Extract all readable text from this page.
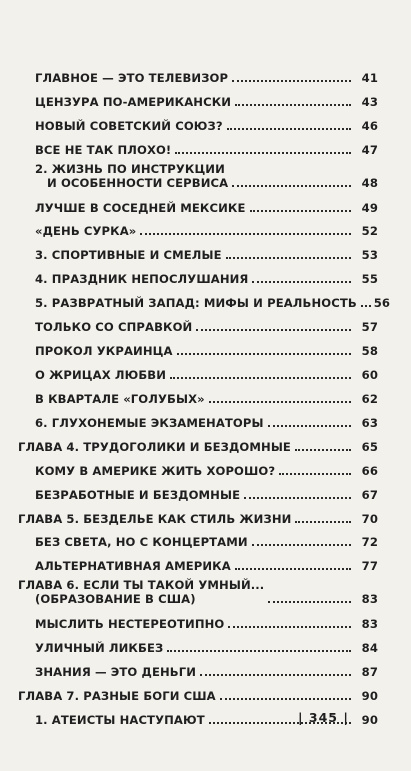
ГЛАВНОЕ — ЭТО ТЕЛЕВИЗОР	41
ЦЕНЗУРА ПО-АМЕРИКАНСКИ	43
НОВЫЙ СОВЕТСКИЙ СОЮЗ?	46
ВСЕ НЕ ТАК ПЛОХО!	47
2. ЖИЗНЬ ПО ИНСТРУКЦИИ
И ОСОБЕННОСТИ СЕРВИСА	48
ЛУЧШЕ В СОСЕДНЕЙ МЕКСИКЕ	49
«ДЕНЬ СУРКА»	52
3. СПОРТИВНЫЕ И СМЕЛЫЕ	53
4. ПРАЗДНИК НЕПОСЛУШАНИЯ	55
5. РАЗВРАТНЫЙ ЗАПАД: МИФЫ И РЕАЛЬНОСТЬ 56
ТОЛЬКО СО СПРАВКОЙ	57
ПРОКОЛ УКРАИНЦА	58
О ЖРИЦАХ ЛЮБВИ	60
В КВАРТАЛЕ «ГОЛУБЫХ»	62
6. ГЛУХОНЕМЫЕ ЭКЗАМЕНАТОРЫ	63
ГЛАВА 4. ТРУДОГОЛИКИ И БЕЗДОМНЫЕ	65
КОМУ В АМЕРИКЕ ЖИТЬ ХОРОШО?	66
БЕЗРАБОТНЫЕ И БЕЗДОМНЫЕ	67
ГЛАВА 5. БЕЗДЕЛЬЕ КАК СТИЛЬ ЖИЗНИ	70
БЕЗ СВЕТА, НО С КОНЦЕРТАМИ	72
АЛЬТЕРНАТИВНАЯ АМЕРИКА	77
ГЛАВА 6. ЕСЛИ ТЫ ТАКОЙ УМНЫЙ...
(ОБРАЗОВАНИЕ В США)	83
МЫСЛИТЬ НЕСТЕРЕОТИПНО	83
УЛИЧНЫЙ ЛИКБЕЗ	84
ЗНАНИЯ — ЭТО ДЕНЬГИ	87
ГЛАВА 7. РАЗНЫЕ БОГИ США	90
1. АТЕИСТЫ НАСТУПАЮТ	90
| 345 |
